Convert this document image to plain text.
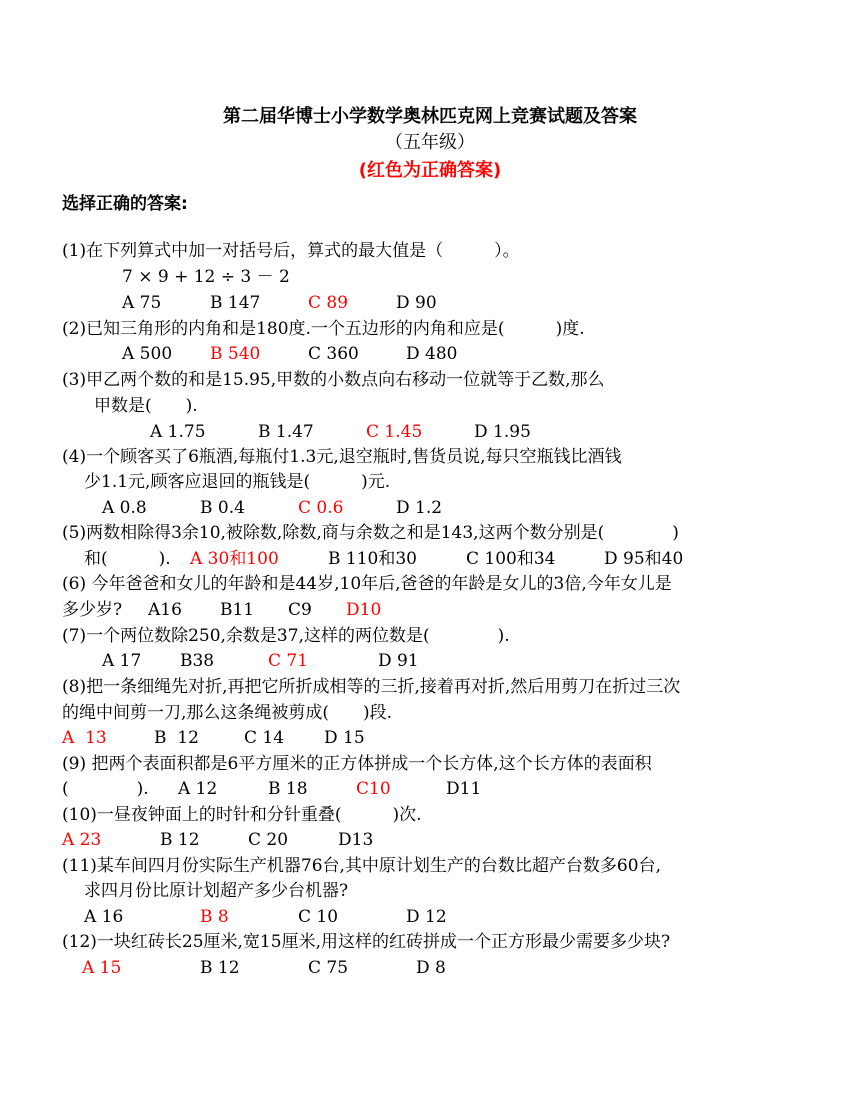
第二届华博士小学数学奥林匹克网上竞赛试题及答案
（五年级）
(红色为正确答案)
选择正确的答案:
(1)在下列算式中加一对括号后，算式的最大值是（　　　）。
7 × 9 + 12 ÷ 3 － 2
A 75	B 147	C 89	D 90
(2)已知三角形的内角和是180度.一个五边形的内角和应是(　　　)度.
A 500 B 540	C 360	D 480
(3)甲乙两个数的和是15.95,甲数的小数点向右移动一位就等于乙数,那么
甲数是(　　).
A 1.75	B 1.47	C 1.45	D 1.95
(4)一个顾客买了6瓶酒,每瓶付1.3元,退空瓶时,售货员说,每只空瓶钱比酒钱
少1.1元,顾客应退回的瓶钱是(　　　)元.
A 0.8	B 0.4	C 0.6	D 1.2
(5)两数相除得3余10,被除数,除数,商与余数之和是143,这两个数分别是(　　　　)
和(　　　). A 30和100	B 110和30	C 100和34	D 95和40
(6) 今年爸爸和女儿的年龄和是44岁,10年后,爸爸的年龄是女儿的3倍,今年女儿是
多少岁? A16 B11 C9 D10
(7)一个两位数除250,余数是37,这样的两位数是(　　　　).
A 17 B38	C 71	D 91
(8)把一条细绳先对折,再把它所折成相等的三折,接着再对折,然后用剪刀在折过三次
的绳中间剪一刀,那么这条绳被剪成(　　)段.
A  13	B  12	C 14 D 15
(9) 把两个表面积都是6平方厘米的正方体拼成一个长方体,这个长方体的表面积
(　　　　). A 12	B 18	C10	D11
(10)一昼夜钟面上的时针和分针重叠(　　　)次.
A 23	B 12	C 20	D13
(11)某车间四月份实际生产机器76台,其中原计划生产的台数比超产台数多60台,
求四月份比原计划超产多少台机器?
A 16	B 8	C 10	D 12
(12)一块红砖长25厘米,宽15厘米,用这样的红砖拼成一个正方形最少需要多少块?
A 15	B 12	C 75	D 8
